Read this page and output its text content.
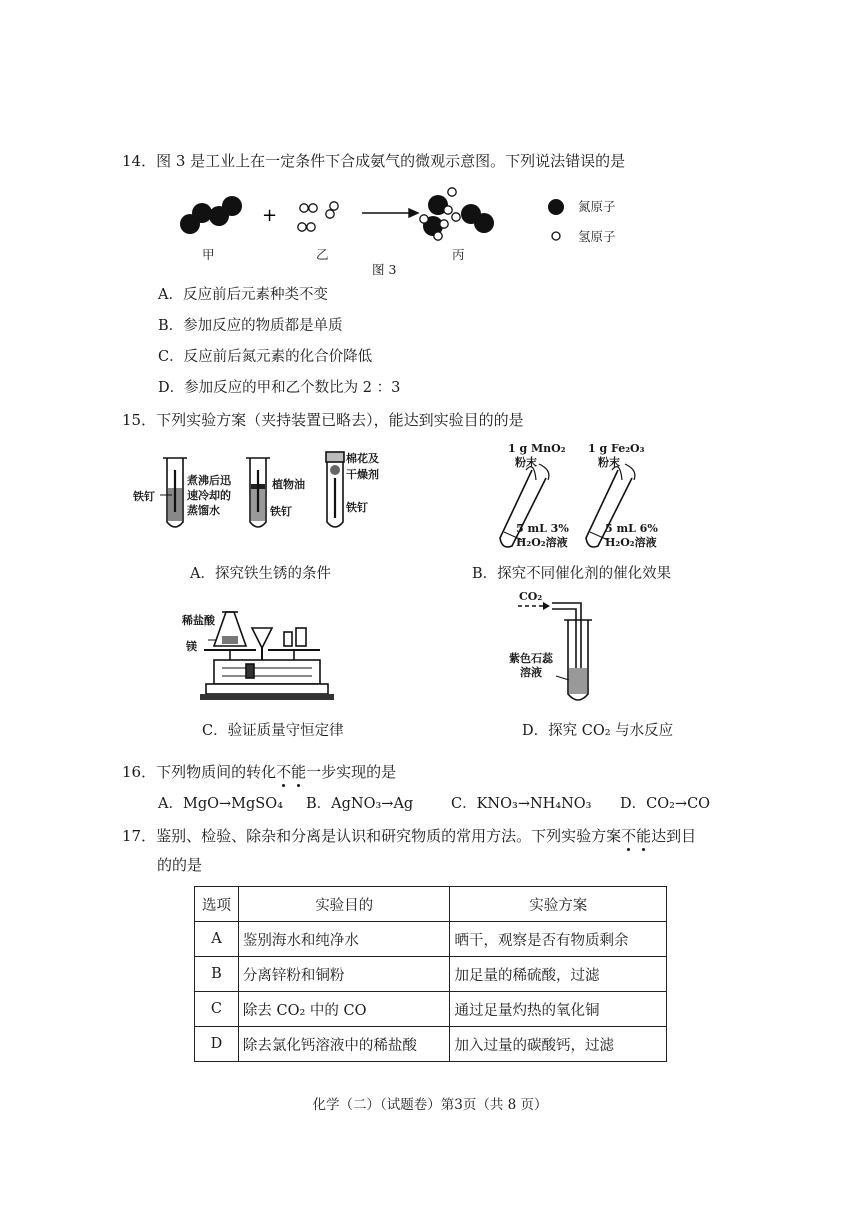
14．图 3 是工业上在一定条件下合成氨气的微观示意图。下列说法错误的是
+
甲	乙	丙
图 3
氮原子
氢原子
A．反应前后元素种类不变
B．参加反应的物质都是单质
C．反应前后氮元素的化合价降低
D．参加反应的甲和乙个数比为 2 ：3
15．下列实验方案（夹持装置已略去），能达到实验目的的是
铁钉
煮沸后迅
速冷却的
蒸馏水
植物油
铁钉
棉花及
干燥剂
铁钉
A．探究铁生锈的条件
1 g MnO₂
粉末
5 mL 3%
H₂O₂溶液
1 g Fe₂O₃
粉末
5 mL 6%
H₂O₂溶液
B．探究不同催化剂的催化效果
稀盐酸
镁
C．验证质量守恒定律
CO₂
紫色石蕊
溶液
D．探究 CO₂ 与水反应
16．下列物质间的转化不能一步实现的是
A．MgO→MgSO₄ B．AgNO₃→Ag	C．KNO₃→NH₄NO₃ D．CO₂→CO
17．鉴别、检验、除杂和分离是认识和研究物质的常用方法。下列实验方案不能达到目
的的是
选项	实验目的	实验方案
A	鉴别海水和纯净水	晒干，观察是否有物质剩余
B	分离锌粉和铜粉	加足量的稀硫酸，过滤
C	除去 CO₂ 中的 CO	通过足量灼热的氧化铜
D	除去氯化钙溶液中的稀盐酸	加入过量的碳酸钙，过滤
化学（二）（试题卷）第3页（共 8 页）
